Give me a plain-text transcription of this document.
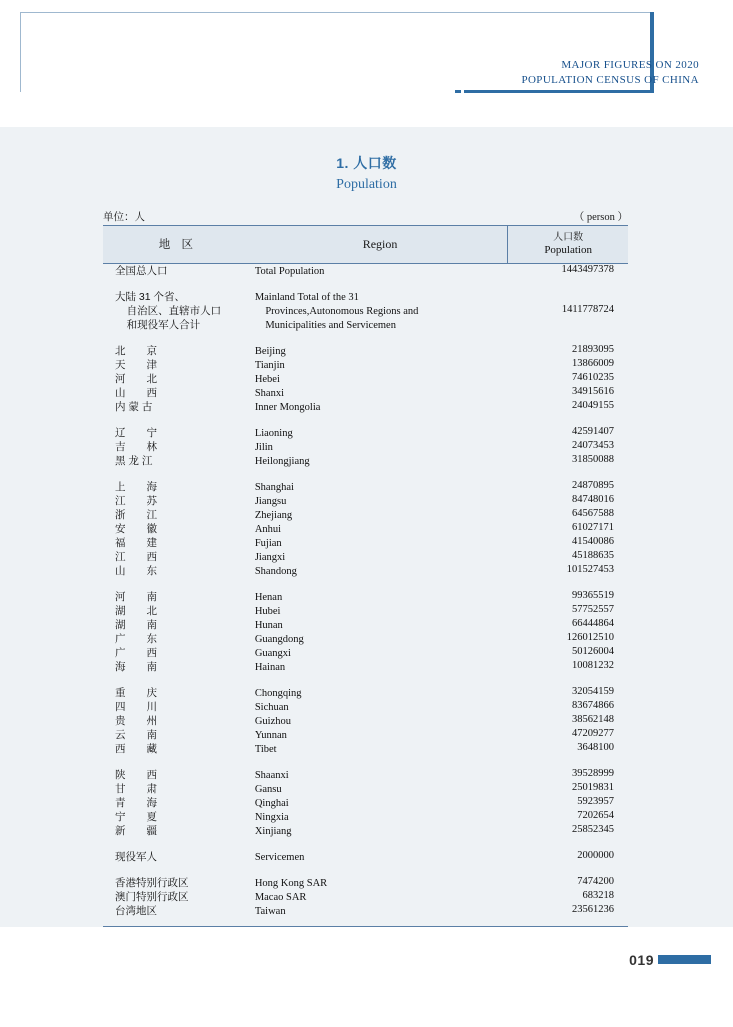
MAJOR FIGURES ON 2020
POPULATION CENSUS OF CHINA
1. 人口数
Population
单位：人	（ person ）
地 区	Region	人口数
Population

全国总人口	Total Population	1443497378

大陆 31 个省、	Mainland Total of the 31	
自治区、直辖市人口	Provinces,Autonomous Regions and	1411778724
和现役军人合计	Municipalities and Servicemen	

北　　京	Beijing	21893095
天　　津	Tianjin	13866009
河　　北	Hebei	74610235
山　　西	Shanxi	34915616
内 蒙 古	Inner Mongolia	24049155

辽　　宁	Liaoning	42591407
吉　　林	Jilin	24073453
黑 龙 江	Heilongjiang	31850088

上　　海	Shanghai	24870895
江　　苏	Jiangsu	84748016
浙　　江	Zhejiang	64567588
安　　徽	Anhui	61027171
福　　建	Fujian	41540086
江　　西	Jiangxi	45188635
山　　东	Shandong	101527453

河　　南	Henan	99365519
湖　　北	Hubei	57752557
湖　　南	Hunan	66444864
广　　东	Guangdong	126012510
广　　西	Guangxi	50126004
海　　南	Hainan	10081232

重　　庆	Chongqing	32054159
四　　川	Sichuan	83674866
贵　　州	Guizhou	38562148
云　　南	Yunnan	47209277
西　　藏	Tibet	3648100

陕　　西	Shaanxi	39528999
甘　　肃	Gansu	25019831
青　　海	Qinghai	5923957
宁　　夏	Ningxia	7202654
新　　疆	Xinjiang	25852345

现役军人	Servicemen	2000000

香港特别行政区	Hong Kong SAR	7474200
澳门特别行政区	Macao SAR	683218
台湾地区	Taiwan	23561236
019
